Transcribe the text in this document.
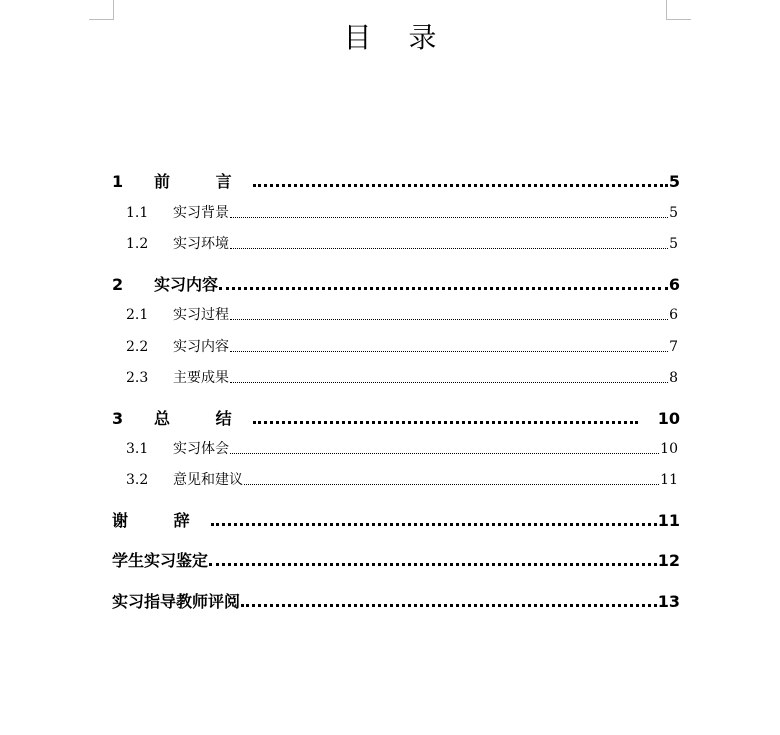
目 录
1	前 言	5
1.1	实习背景	5
1.2	实习环境	5
2	实习内容	6
2.1	实习过程	6
2.2	实习内容	7
2.3	主要成果	8
3	总 结	10
3.1	实习体会	10
3.2	意见和建议	11
谢 辞	11
学生实习鉴定	12
实习指导教师评阅	13
